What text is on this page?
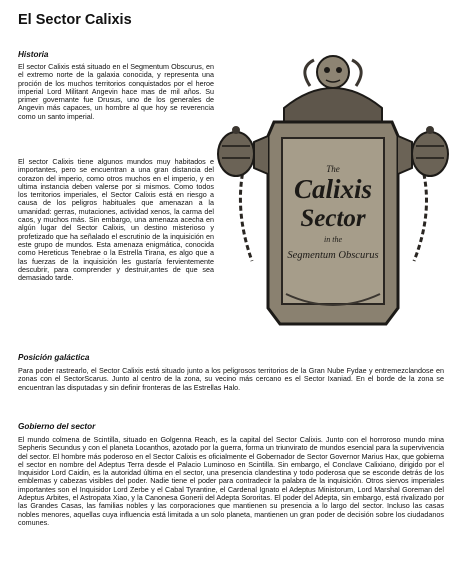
El Sector Calixis
Historia

El sector Calixis está situado en el Segmentum Obscurus, en el extremo norte de la galaxia conocida, y representa una proción de los muchos territorios conquistados por el heroe imperial Lord Militant Angevin hace mas de mil años. Su primer governante fue Drusus, uno de los generales de Angevin más capaces, un hombre al que hoy se reverencia como un santo imperial.

El sector Calixis tiene algunos mundos muy habitados e importantes, pero se encuentran a una gran distancia del corazon del imperio, como otros muchos en el imperio, y en ultima instancia deben valerse por si mismos. Como todos los territorios imperiales, el Sector Calixis está en riesgo a causa de los peligros habituales que amenazan a la umanidad: gerras, mutaciones, actividad xenos, la carma del caos, y muchos más. Sin embargo, una amenaza acecha en algún lugar del Sector Calixis, un destino misterioso y profetizado que ha señalado el escrutinio de la inquisición en este grupo de mundos. Esta amenaza enigmática, conocida como Hereticus Tenebrae o la Estrella Tirana, es algo que a las fuerzas de la inquisición les gustaría fervientemente descubrir, para comprender y destruir,antes de que sea demasiado tarde.

The
Calixis
Sector
in the
Segmentum Obscurus
Posición galáctica

Para poder rastrearlo, el Sector Calixis está situado junto a los peligrosos territorios de la Gran Nube Fydae y entremezclandose en zonas con el SectorScarus. Junto al centro de la zona, su vecino más cercano es el Sector Ixaniad. En el borde de la zona se encuentran las disputadas y sin definir fronteras de las Estrellas Halo.

Gobierno del sector

El mundo colmena de Scintilla, situado en Golgenna Reach, es la capital del Sector Calixis. Junto con el horroroso mundo mina Sepheris Secundus y con el planeta Locanthos, azotado por la guerra, forma un triunvirato de mundos esencial para la supervivencia del sector. El hombre más poderoso en el Sector Calixis es oficialmente el Gobernador de Sector Governor Marius Hax, que gobierna el sector en nombre del Adeptus Terra desde el Palacio Luminoso en Scintilla. Sin embargo, el Conclave Calixiano, dirigido por el Inquisidor Lord Caidin, es la autoridad última en el sector, una presencia clandestina y todo poderosa que se esconde detrás de los emblemas y cabezas visibles del poder. Nadie tiene el poder para contradecir la palabra de la inquisición. Otros siervos imperiales importantes son el Inquisidor Lord Zerbe y el Cabal Tyrantine, el Cardenal Ignato el Adeptus Ministorum, Lord Marshal Goreman del Adeptus Arbites, el Astropata Xiao, y la Canonesa Gonerii del Adepta Sororitas. El poder del Adepta, sin embargo, está rivalizado por las Grandes Casas, las familias nobles y las corporaciones que mantienen su presencia a lo largo del sector. Incluso las casas nobles menores, aquellas cuya influencia está limitada a un solo planeta, mantienen un gran poder de decisión sobre los ciudadanos comunes.
